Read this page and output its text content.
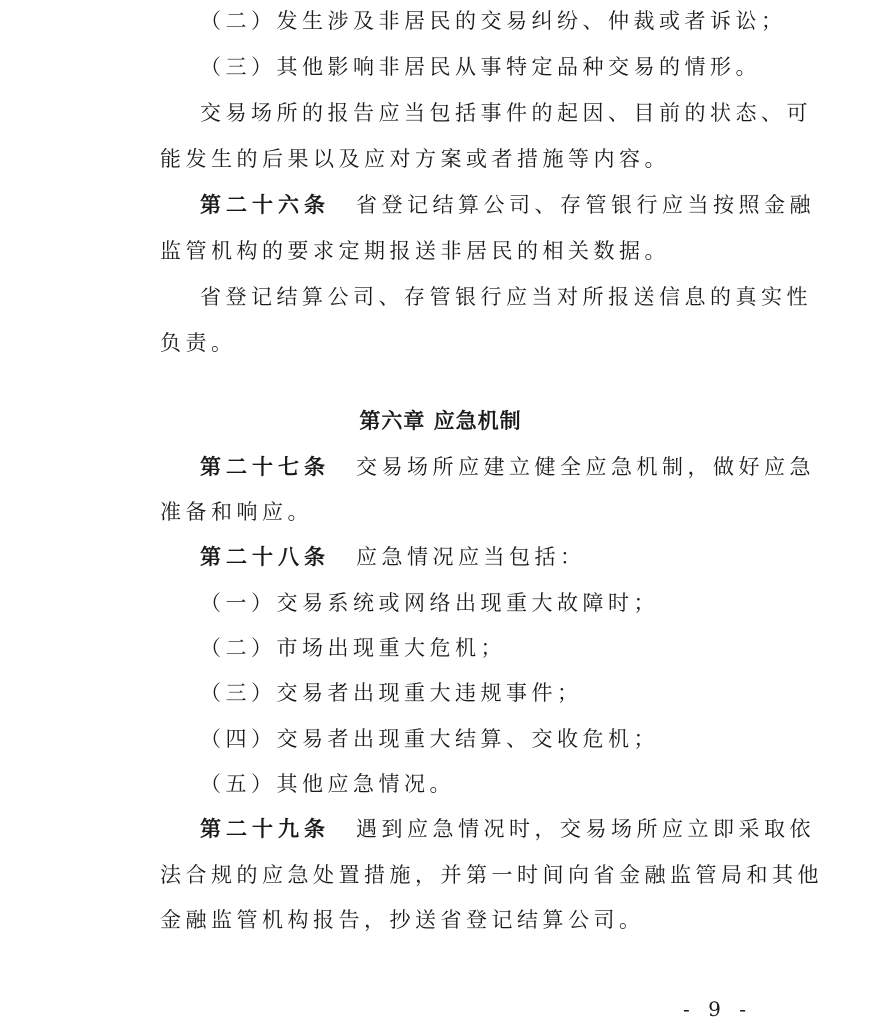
（二）发生涉及非居民的交易纠纷、仲裁或者诉讼；
（三）其他影响非居民从事特定品种交易的情形。
交易场所的报告应当包括事件的起因、目前的状态、可
能发生的后果以及应对方案或者措施等内容。
第二十六条 省登记结算公司、存管银行应当按照金融
监管机构的要求定期报送非居民的相关数据。
省登记结算公司、存管银行应当对所报送信息的真实性
负责。
第六章 应急机制
第二十七条 交易场所应建立健全应急机制，做好应急
准备和响应。
第二十八条 应急情况应当包括：
（一）交易系统或网络出现重大故障时；
（二）市场出现重大危机；
（三）交易者出现重大违规事件；
（四）交易者出现重大结算、交收危机；
（五）其他应急情况。
第二十九条 遇到应急情况时，交易场所应立即采取依
法合规的应急处置措施，并第一时间向省金融监管局和其他
金融监管机构报告，抄送省登记结算公司。
- 9 -
